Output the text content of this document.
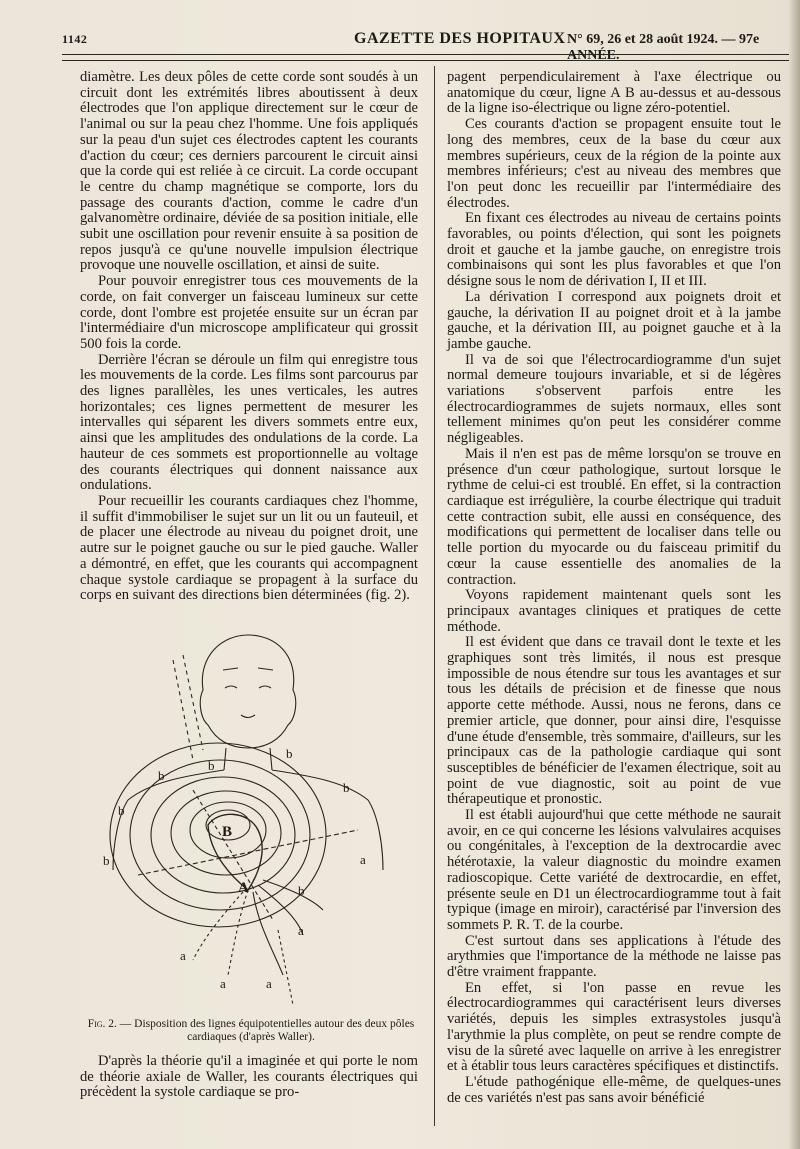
1142	GAZETTE DES HOPITAUX N° 69, 26 et 28 août 1924. — 97e ANNÉE.

diamètre. Les deux pôles de cette corde sont soudés à un circuit dont les extrémités libres aboutissent à deux électrodes que l'on applique directement sur le cœur de l'animal ou sur la peau chez l'homme. Une fois appliqués sur la peau d'un sujet ces électrodes captent les courants d'action du cœur; ces derniers parcourent le circuit ainsi que la corde qui est reliée à ce circuit. La corde occupant le centre du champ magnétique se comporte, lors du passage des courants d'action, comme le cadre d'un galvanomètre ordinaire, déviée de sa position initiale, elle subit une oscillation pour revenir ensuite à sa position de repos jusqu'à ce qu'une nouvelle impulsion électrique provoque une nouvelle oscillation, et ainsi de suite.

Pour pouvoir enregistrer tous ces mouvements de la corde, on fait converger un faisceau lumineux sur cette corde, dont l'ombre est projetée ensuite sur un écran par l'intermédiaire d'un microscope amplificateur qui grossit 500 fois la corde.

Derrière l'écran se déroule un film qui enregistre tous les mouvements de la corde. Les films sont parcourus par des lignes parallèles, les unes verticales, les autres horizontales; ces lignes permettent de mesurer les intervalles qui séparent les divers sommets entre eux, ainsi que les amplitudes des ondulations de la corde. La hauteur de ces sommets est proportionnelle au voltage des courants électriques qui donnent naissance aux ondulations.

Pour recueillir les courants cardiaques chez l'homme, il suffit d'immobiliser le sujet sur un lit ou un fauteuil, et de placer une électrode au niveau du poignet droit, une autre sur le poignet gauche ou sur le pied gauche. Waller a démontré, en effet, que les courants qui accompagnent chaque systole cardiaque se propagent à la surface du corps en suivant des directions bien déterminées (fig. 2).

b
b
b
b
b
b
b
B
A
a
a
a	a
a
Fig. 2. — Disposition des lignes équipotentielles autour des deux pôles cardiaques (d'après Waller).

D'après la théorie qu'il a imaginée et qui porte le nom de théorie axiale de Waller, les courants électriques qui précèdent la systole cardiaque se pro-

pagent perpendiculairement à l'axe électrique ou anatomique du cœur, ligne A B au-dessus et au-dessous de la ligne iso-électrique ou ligne zéro-potentiel.

Ces courants d'action se propagent ensuite tout le long des membres, ceux de la base du cœur aux membres supérieurs, ceux de la région de la pointe aux membres inférieurs; c'est au niveau des membres que l'on peut donc les recueillir par l'intermédiaire des électrodes.

En fixant ces électrodes au niveau de certains points favorables, ou points d'élection, qui sont les poignets droit et gauche et la jambe gauche, on enregistre trois combinaisons qui sont les plus favorables et que l'on désigne sous le nom de dérivation I, II et III.

La dérivation I correspond aux poignets droit et gauche, la dérivation II au poignet droit et à la jambe gauche, et la dérivation III, au poignet gauche et à la jambe gauche.

Il va de soi que l'électrocardiogramme d'un sujet normal demeure toujours invariable, et si de légères variations s'observent parfois entre les électrocardiogrammes de sujets normaux, elles sont tellement minimes qu'on peut les considérer comme négligeables.

Mais il n'en est pas de même lorsqu'on se trouve en présence d'un cœur pathologique, surtout lorsque le rythme de celui-ci est troublé. En effet, si la contraction cardiaque est irrégulière, la courbe électrique qui traduit cette contraction subit, elle aussi en conséquence, des modifications qui permettent de localiser dans telle ou telle portion du myocarde ou du faisceau primitif du cœur la cause essentielle des anomalies de la contraction.

Voyons rapidement maintenant quels sont les principaux avantages cliniques et pratiques de cette méthode.

Il est évident que dans ce travail dont le texte et les graphiques sont très limités, il nous est presque impossible de nous étendre sur tous les avantages et sur tous les détails de précision et de finesse que nous apporte cette méthode. Aussi, nous ne ferons, dans ce premier article, que donner, pour ainsi dire, l'esquisse d'une étude d'ensemble, très sommaire, d'ailleurs, sur les principaux cas de la pathologie cardiaque qui sont susceptibles de bénéficier de l'examen électrique, soit au point de vue diagnostic, soit au point de vue thérapeutique et pronostic.

Il est établi aujourd'hui que cette méthode ne saurait avoir, en ce qui concerne les lésions valvulaires acquises ou congénitales, à l'exception de la dextrocardie avec hétérotaxie, la valeur diagnostic du moindre examen radioscopique. Cette variété de dextrocardie, en effet, présente seule en D1 un électrocardiogramme tout à fait typique (image en miroir), caractérisé par l'inversion des sommets P. R. T. de la courbe.

C'est surtout dans ses applications à l'étude des arythmies que l'importance de la méthode ne laisse pas d'être vraiment frappante.

En effet, si l'on passe en revue les électrocardiogrammes qui caractérisent leurs diverses variétés, depuis les simples extrasystoles jusqu'à l'arythmie la plus complète, on peut se rendre compte de visu de la sûreté avec laquelle on arrive à les enregistrer et à établir tous leurs caractères spécifiques et distinctifs.

L'étude pathogénique elle-même, de quelques-unes de ces variétés n'est pas sans avoir bénéficié
